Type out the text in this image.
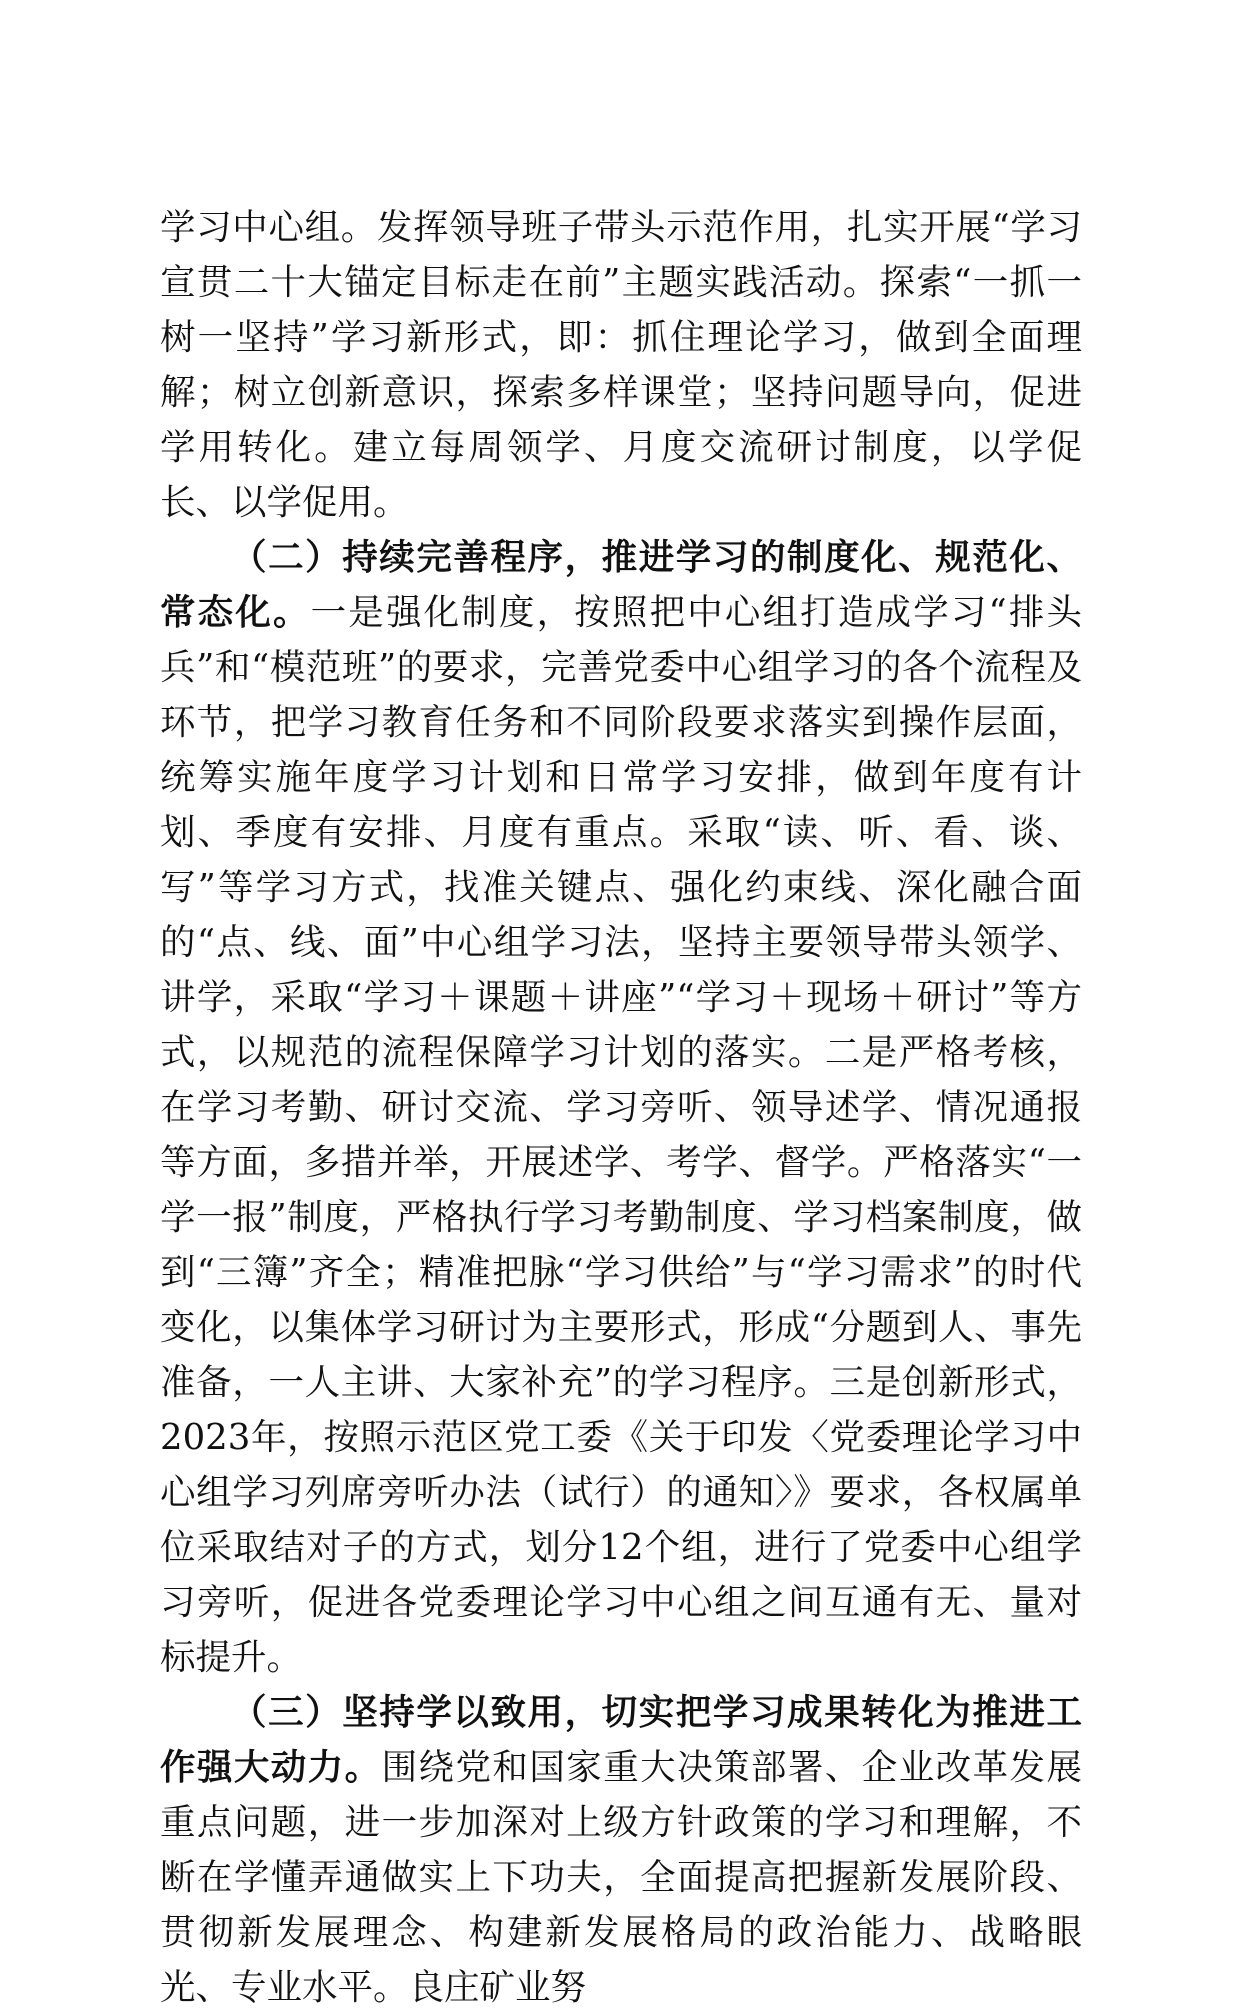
学习中心组。发挥领导班子带头示范作用，扎实开展“学习宣贯二十大锚定目标走在前”主题实践活动。探索“一抓一树一坚持”学习新形式，即：抓住理论学习，做到全面理解；树立创新意识，探索多样课堂；坚持问题导向，促进学用转化。建立每周领学、月度交流研讨制度，以学促长、以学促用。

（二）持续完善程序，推进学习的制度化、规范化、常态化。一是强化制度，按照把中心组打造成学习“排头兵”和“模范班”的要求，完善党委中心组学习的各个流程及环节，把学习教育任务和不同阶段要求落实到操作层面，统筹实施年度学习计划和日常学习安排，做到年度有计划、季度有安排、月度有重点。采取“读、听、看、谈、写”等学习方式，找准关键点、强化约束线、深化融合面的“点、线、面”中心组学习法，坚持主要领导带头领学、讲学，采取“学习＋课题＋讲座”“学习＋现场＋研讨”等方式，以规范的流程保障学习计划的落实。二是严格考核，在学习考勤、研讨交流、学习旁听、领导述学、情况通报等方面，多措并举，开展述学、考学、督学。严格落实“一学一报”制度，严格执行学习考勤制度、学习档案制度，做到“三簿”齐全；精准把脉“学习供给”与“学习需求”的时代变化，以集体学习研讨为主要形式，形成“分题到人、事先准备，一人主讲、大家补充”的学习程序。三是创新形式，2023年，按照示范区党工委《关于印发〈党委理论学习中心组学习列席旁听办法（试行）的通知〉》要求，各权属单位采取结对子的方式，划分12个组，进行了党委中心组学习旁听，促进各党委理论学习中心组之间互通有无、量对标提升。

（三）坚持学以致用，切实把学习成果转化为推进工作强大动力。围绕党和国家重大决策部署、企业改革发展重点问题，进一步加深对上级方针政策的学习和理解，不断在学懂弄通做实上下功夫，全面提高把握新发展阶段、贯彻新发展理念、构建新发展格局的政治能力、战略眼光、专业水平。良庄矿业努
